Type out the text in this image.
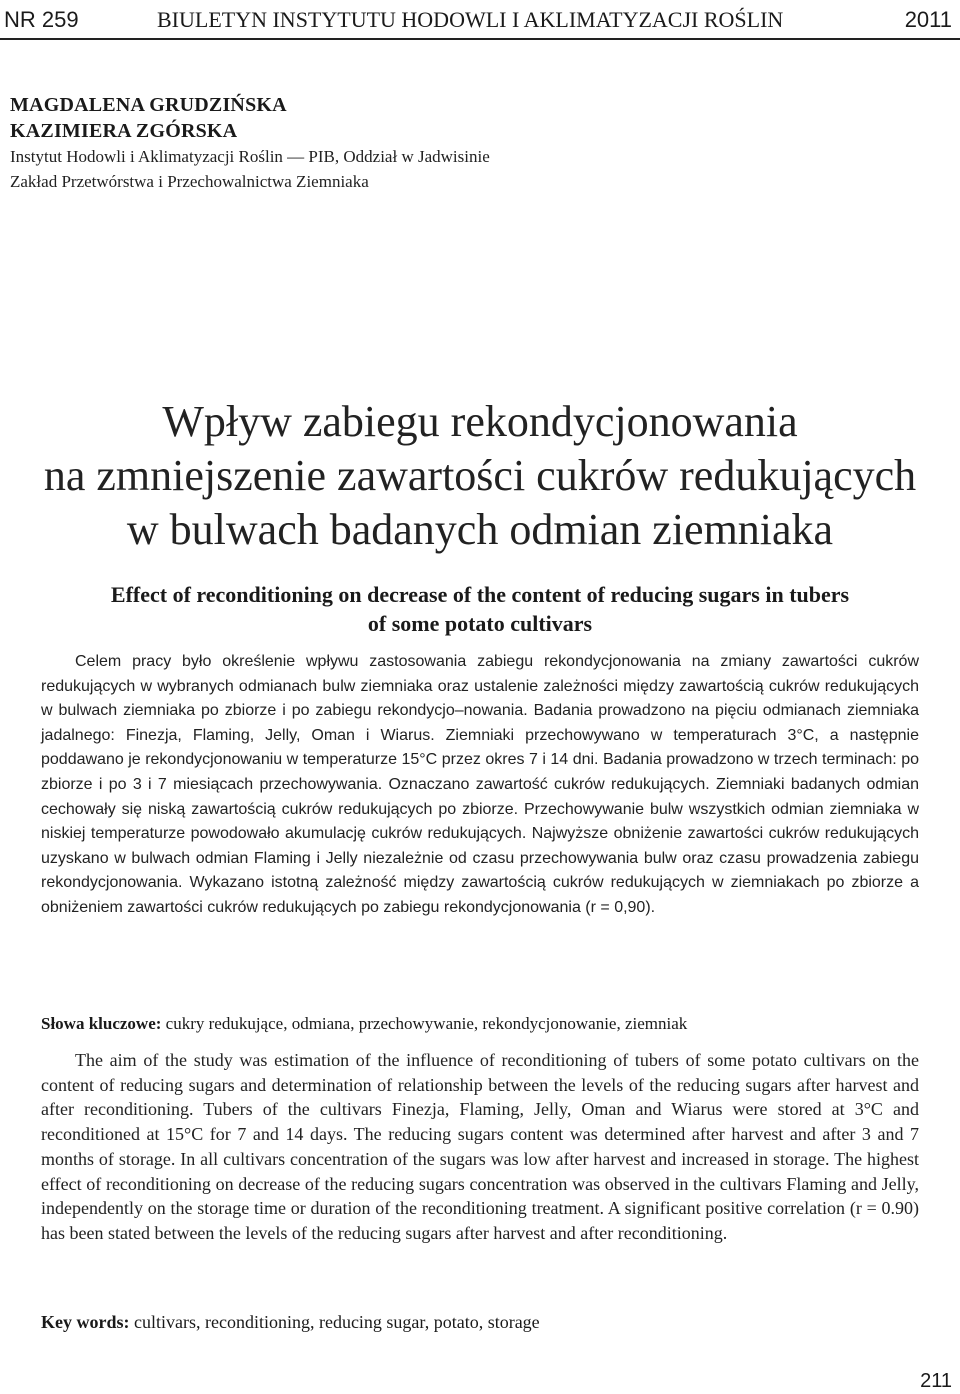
NR 259	BIULETYN INSTYTUTU HODOWLI I AKLIMATYZACJI ROŚLIN	2011
MAGDALENA GRUDZIŃSKA
KAZIMIERA ZGÓRSKA
Instytut Hodowli i Aklimatyzacji Roślin — PIB, Oddział w Jadwisinie
Zakład Przetwórstwa i Przechowalnictwa Ziemniaka
Wpływ zabiegu rekondycjonowania
na zmniejszenie zawartości cukrów redukujących
w bulwach badanych odmian ziemniaka
Effect of reconditioning on decrease of the content of reducing sugars in tubers
of some potato cultivars
Celem pracy było określenie wpływu zastosowania zabiegu rekondycjonowania na zmiany zawartości cukrów redukujących w wybranych odmianach bulw ziemniaka oraz ustalenie zależności między zawartością cukrów redukujących w bulwach ziemniaka po zbiorze i po zabiegu rekondycjo–nowania. Badania prowadzono na pięciu odmianach ziemniaka jadalnego: Finezja, Flaming, Jelly, Oman i Wiarus. Ziemniaki przechowywano w temperaturach 3°C, a następnie poddawano je rekondycjonowaniu w temperaturze 15°C przez okres 7 i 14 dni. Badania prowadzono w trzech terminach: po zbiorze i po 3 i 7 miesiącach przechowywania. Oznaczano zawartość cukrów redukujących. Ziemniaki badanych odmian cechowały się niską zawartością cukrów redukujących po zbiorze. Przechowywanie bulw wszystkich odmian ziemniaka w niskiej temperaturze powodowało akumulację cukrów redukujących. Najwyższe obniżenie zawartości cukrów redukujących uzyskano w bulwach odmian Flaming i Jelly niezależnie od czasu przechowywania bulw oraz czasu prowadzenia zabiegu rekondycjonowania. Wykazano istotną zależność między zawartością cukrów redukujących w ziemniakach po zbiorze a obniżeniem zawartości cukrów redukujących po zabiegu rekondycjonowania (r = 0,90).
Słowa kluczowe: cukry redukujące, odmiana, przechowywanie, rekondycjonowanie, ziemniak
The aim of the study was estimation of the influence of reconditioning of tubers of some potato cultivars on the content of reducing sugars and determination of relationship between the levels of the reducing sugars after harvest and after reconditioning. Tubers of the cultivars Finezja, Flaming, Jelly, Oman and Wiarus were stored at 3°C and reconditioned at 15°C for 7 and 14 days. The reducing sugars content was determined after harvest and after 3 and 7 months of storage. In all cultivars concentration of the sugars was low after harvest and increased in storage. The highest effect of reconditioning on decrease of the reducing sugars concentration was observed in the cultivars Flaming and Jelly, independently on the storage time or duration of the reconditioning treatment. A significant positive correlation (r = 0.90) has been stated between the levels of the reducing sugars after harvest and after reconditioning.
Key words: cultivars, reconditioning, reducing sugar, potato, storage
211
